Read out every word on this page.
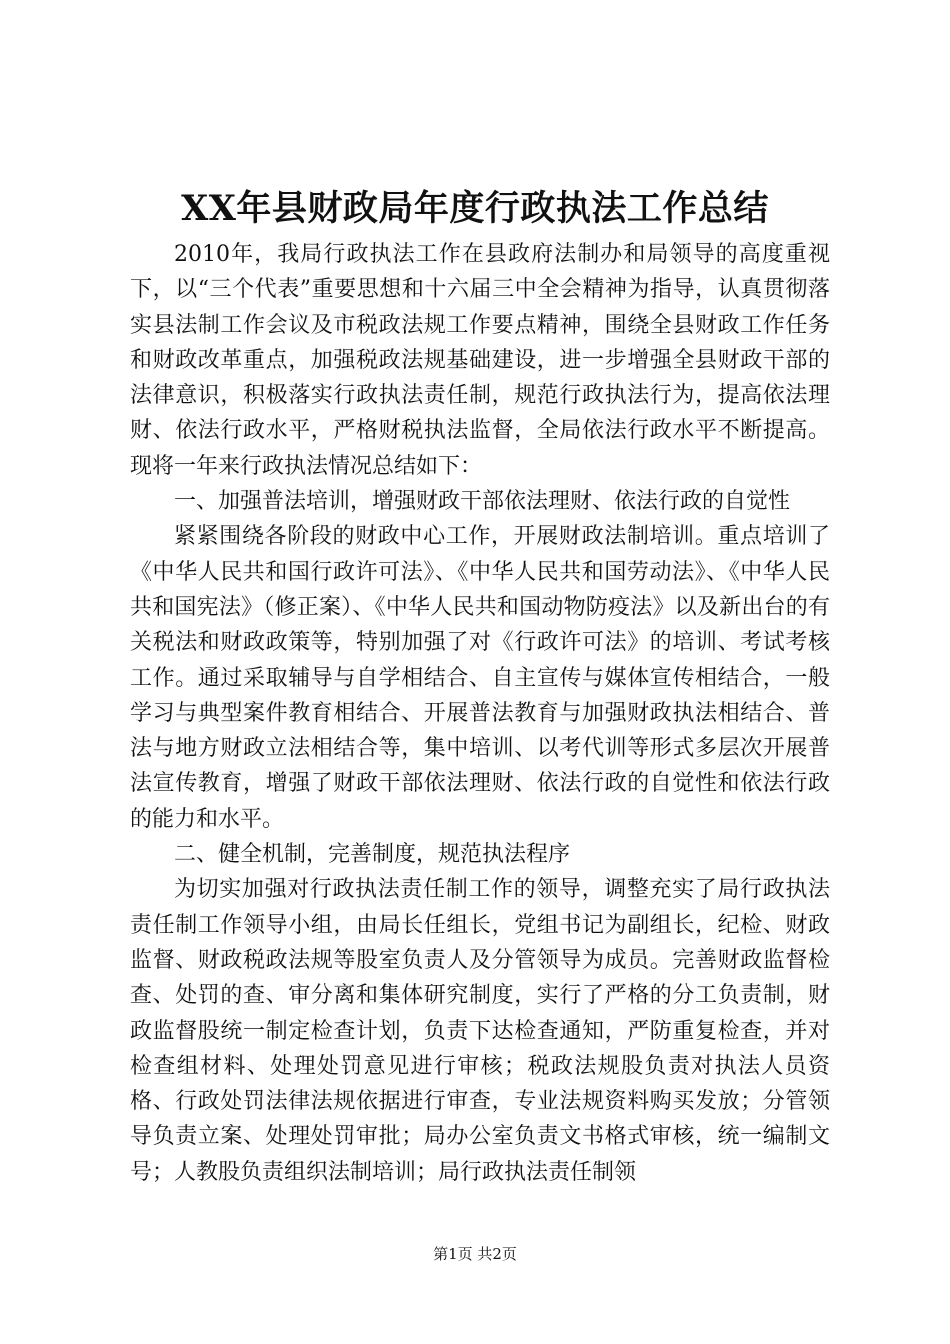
XX年县财政局年度行政执法工作总结

2010年，我局行政执法工作在县政府法制办和局领导的高度重视下，以“三个代表”重要思想和十六届三中全会精神为指导，认真贯彻落实县法制工作会议及市税政法规工作要点精神，围绕全县财政工作任务和财政改革重点，加强税政法规基础建设，进一步增强全县财政干部的法律意识，积极落实行政执法责任制，规范行政执法行为，提高依法理财、依法行政水平，严格财税执法监督，全局依法行政水平不断提高。现将一年来行政执法情况总结如下：

一、加强普法培训，增强财政干部依法理财、依法行政的自觉性

紧紧围绕各阶段的财政中心工作，开展财政法制培训。重点培训了《中华人民共和国行政许可法》、《中华人民共和国劳动法》、《中华人民共和国宪法》（修正案）、《中华人民共和国动物防疫法》以及新出台的有关税法和财政政策等，特别加强了对《行政许可法》的培训、考试考核工作。通过采取辅导与自学相结合、自主宣传与媒体宣传相结合，一般学习与典型案件教育相结合、开展普法教育与加强财政执法相结合、普法与地方财政立法相结合等，集中培训、以考代训等形式多层次开展普法宣传教育，增强了财政干部依法理财、依法行政的自觉性和依法行政的能力和水平。

二、健全机制，完善制度，规范执法程序

为切实加强对行政执法责任制工作的领导，调整充实了局行政执法责任制工作领导小组，由局长任组长，党组书记为副组长，纪检、财政监督、财政税政法规等股室负责人及分管领导为成员。完善财政监督检查、处罚的查、审分离和集体研究制度，实行了严格的分工负责制，财政监督股统一制定检查计划，负责下达检查通知，严防重复检查，并对检查组材料、处理处罚意见进行审核；税政法规股负责对执法人员资格、行政处罚法律法规依据进行审查，专业法规资料购买发放；分管领导负责立案、处理处罚审批；局办公室负责文书格式审核，统一编制文号；人教股负责组织法制培训；局行政执法责任制领

第1页 共2页
